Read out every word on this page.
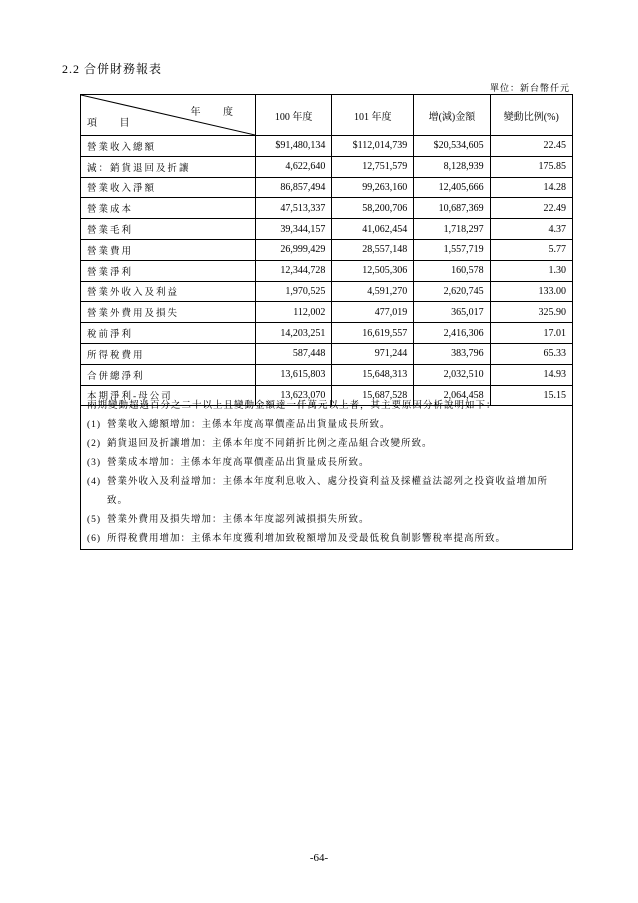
2.2 合併財務報表
單位：新台幣仟元
年 度
項 目	100 年度	101 年度	增(減)金額	變動比例(%)
營業收入總額	$91,480,134	$112,014,739	$20,534,605	22.45
減：銷貨退回及折讓	4,622,640	12,751,579	8,128,939	175.85
營業收入淨額	86,857,494	99,263,160	12,405,666	14.28
營業成本	47,513,337	58,200,706	10,687,369	22.49
營業毛利	39,344,157	41,062,454	1,718,297	4.37
營業費用	26,999,429	28,557,148	1,557,719	5.77
營業淨利	12,344,728	12,505,306	160,578	1.30
營業外收入及利益	1,970,525	4,591,270	2,620,745	133.00
營業外費用及損失	112,002	477,019	365,017	325.90
稅前淨利	14,203,251	16,619,557	2,416,306	17.01
所得稅費用	587,448	971,244	383,796	65.33
合併總淨利	13,615,803	15,648,313	2,032,510	14.93
本期淨利-母公司	13,623,070	15,687,528	2,064,458	15.15
兩期變動超過百分之二十以上且變動金額達一仟萬元以上者，其主要原因分析說明如下：
(1) 營業收入總額增加：主係本年度高單價產品出貨量成長所致。
(2) 銷貨退回及折讓增加：主係本年度不同銷折比例之產品組合改變所致。
(3) 營業成本增加：主係本年度高單價產品出貨量成長所致。
(4) 營業外收入及利益增加：主係本年度利息收入、處分投資利益及採權益法認列之投資收益增加所致。
(5) 營業外費用及損失增加：主係本年度認列減損損失所致。
(6) 所得稅費用增加：主係本年度獲利增加致稅額增加及受最低稅負制影響稅率提高所致。
-64-
